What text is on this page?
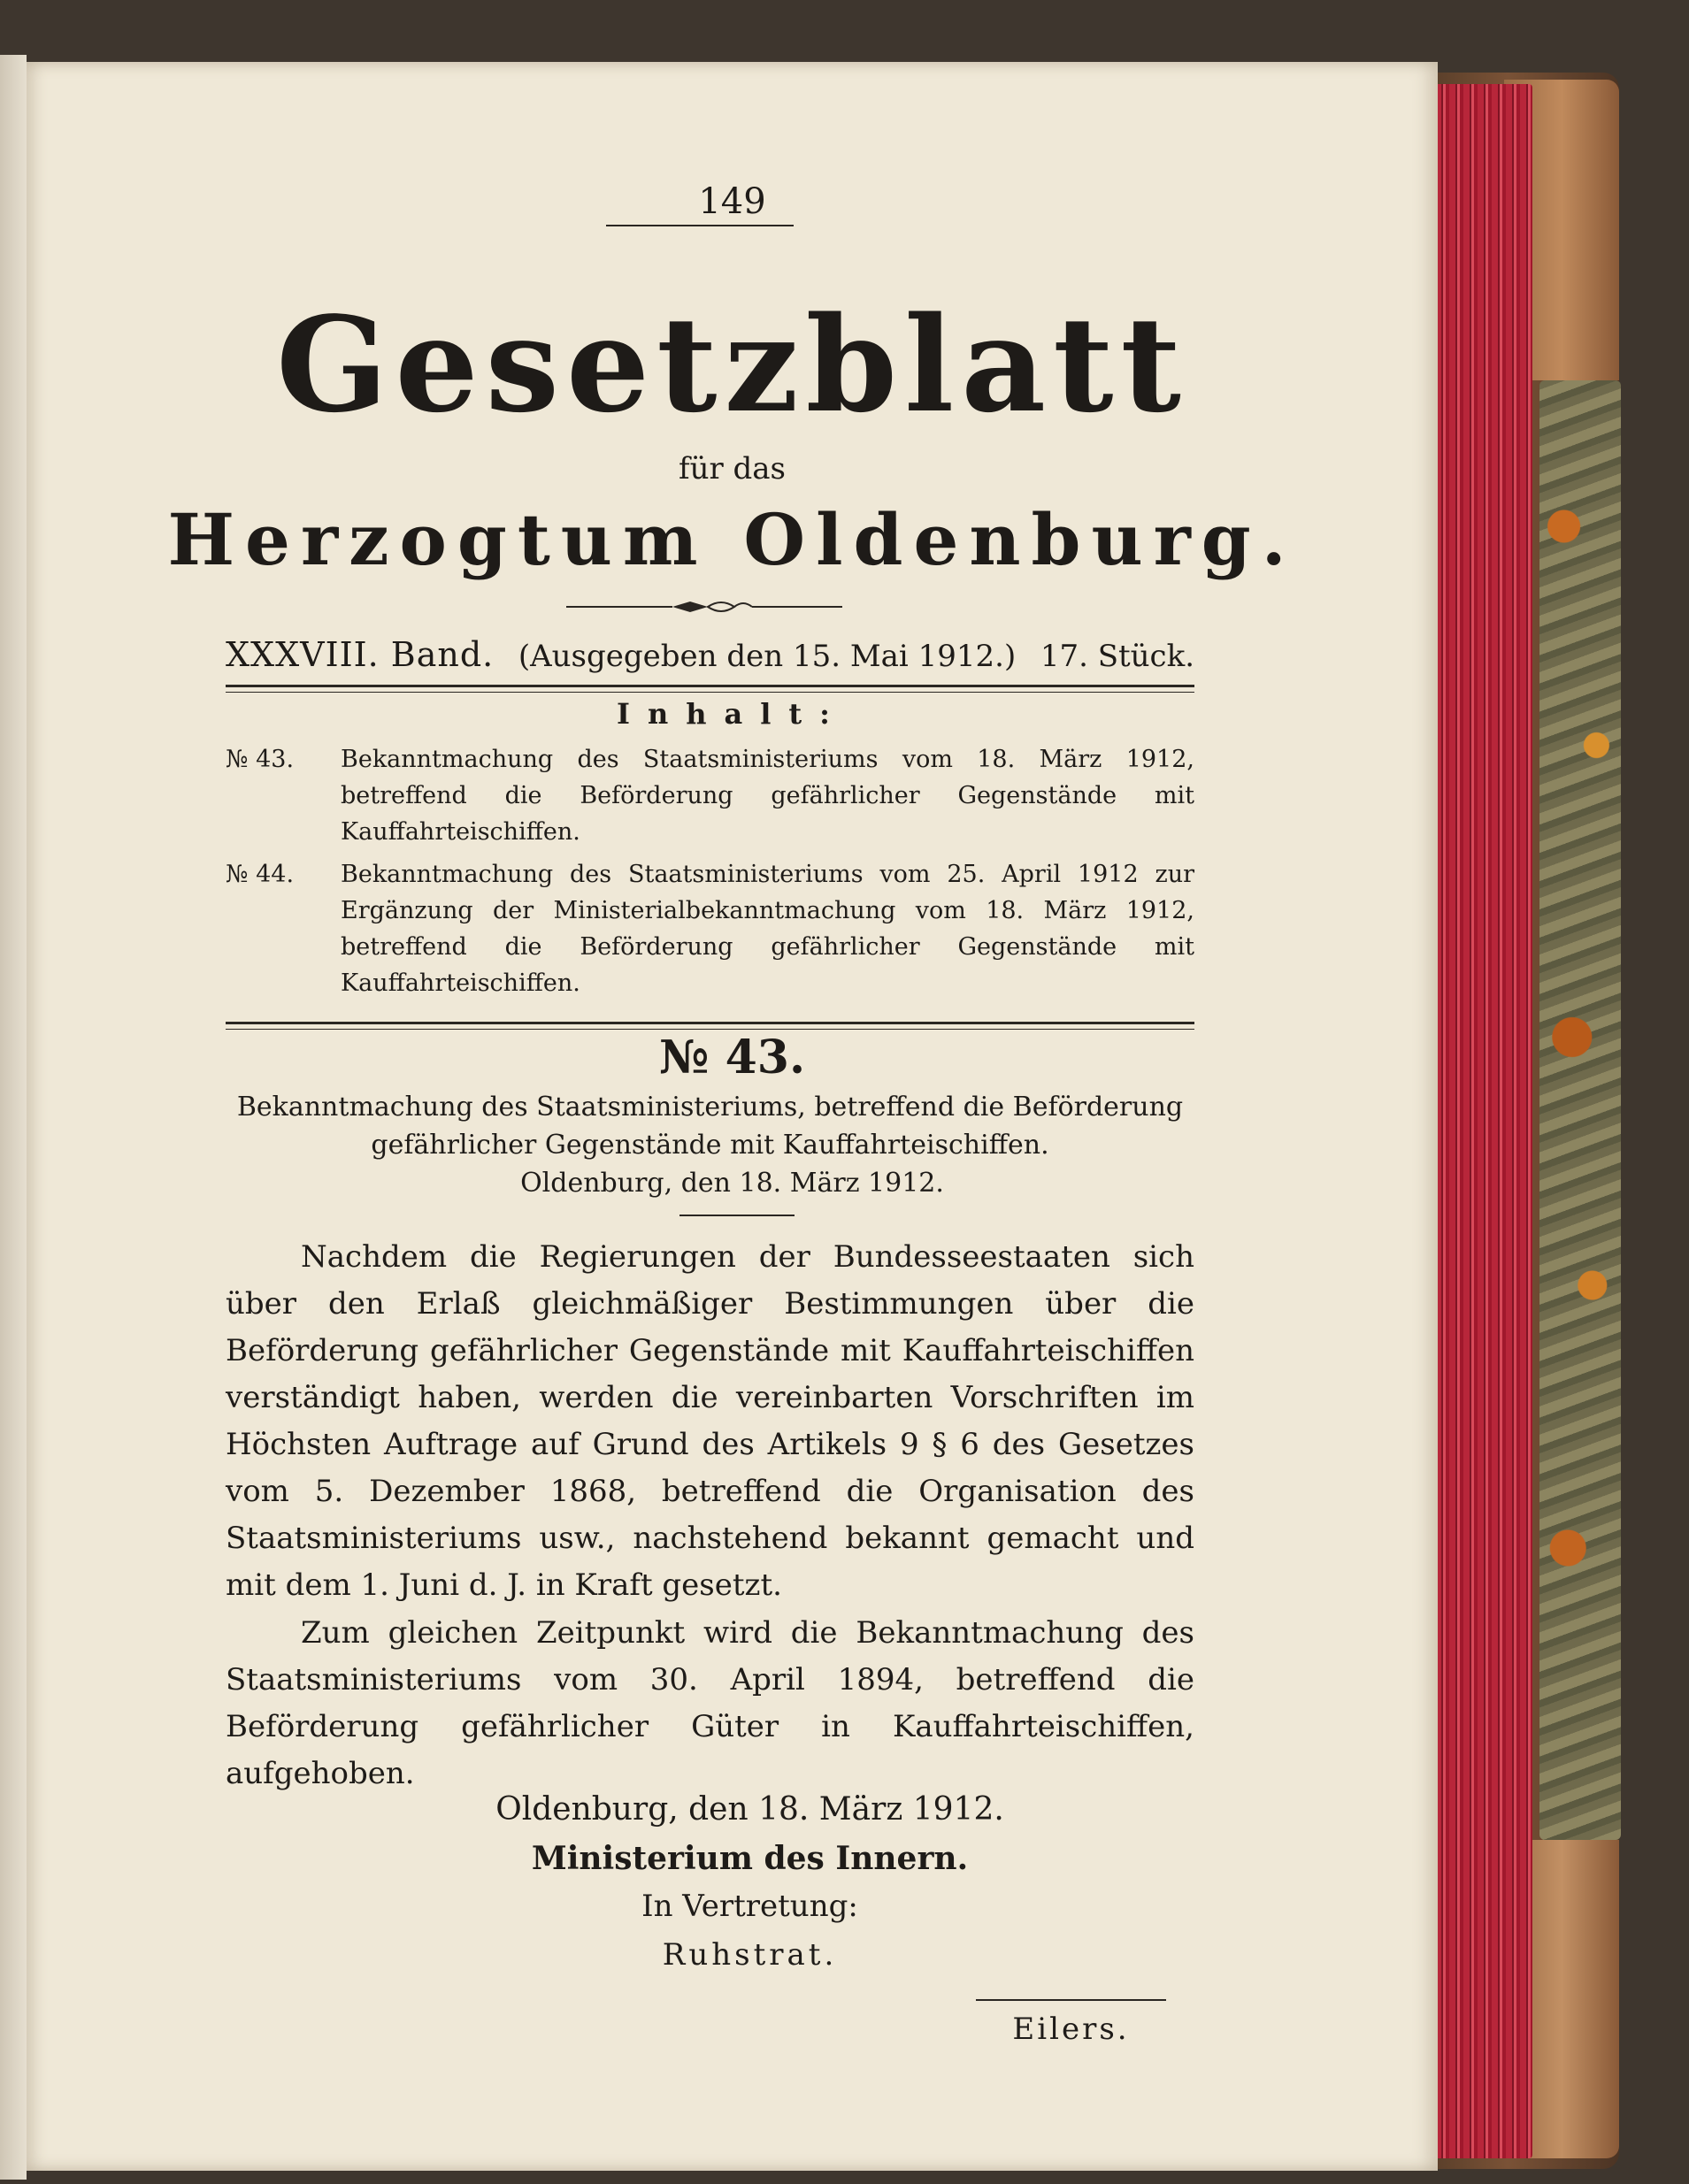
149
Gesetzblatt
für das
Herzogtum Oldenburg.
XXXVIII. Band. (Ausgegeben den 15. Mai 1912.) 17. Stück.
Inhalt:
№ 43.	Bekanntmachung des Staatsministeriums vom 18. März 1912, betreffend die Beförderung gefährlicher Gegenstände mit Kauffahrteischiffen.
№ 44.	Bekanntmachung des Staatsministeriums vom 25. April 1912 zur Ergänzung der Ministerialbekanntmachung vom 18. März 1912, betreffend die Beförderung gefährlicher Gegenstände mit Kauffahrteischiffen.
№ 43.
Bekanntmachung des Staatsministeriums, betreffend die Beförderung gefährlicher Gegenstände mit Kauffahrteischiffen.
Oldenburg, den 18. März 1912.
Nachdem die Regierungen der Bundesseestaaten sich über den Erlaß gleichmäßiger Bestimmungen über die Beförderung gefährlicher Gegenstände mit Kauffahrteischiffen verständigt haben, werden die vereinbarten Vorschriften im Höchsten Auftrage auf Grund des Artikels 9 § 6 des Gesetzes vom 5. Dezember 1868, betreffend die Organisation des Staatsministeriums usw., nachstehend bekannt gemacht und mit dem 1. Juni d. J. in Kraft gesetzt.
Zum gleichen Zeitpunkt wird die Bekanntmachung des Staatsministeriums vom 30. April 1894, betreffend die Beförderung gefährlicher Güter in Kauffahrteischiffen, aufgehoben.
Oldenburg, den 18. März 1912.
Ministerium des Innern.
In Vertretung:
Ruhstrat.
Eilers.
